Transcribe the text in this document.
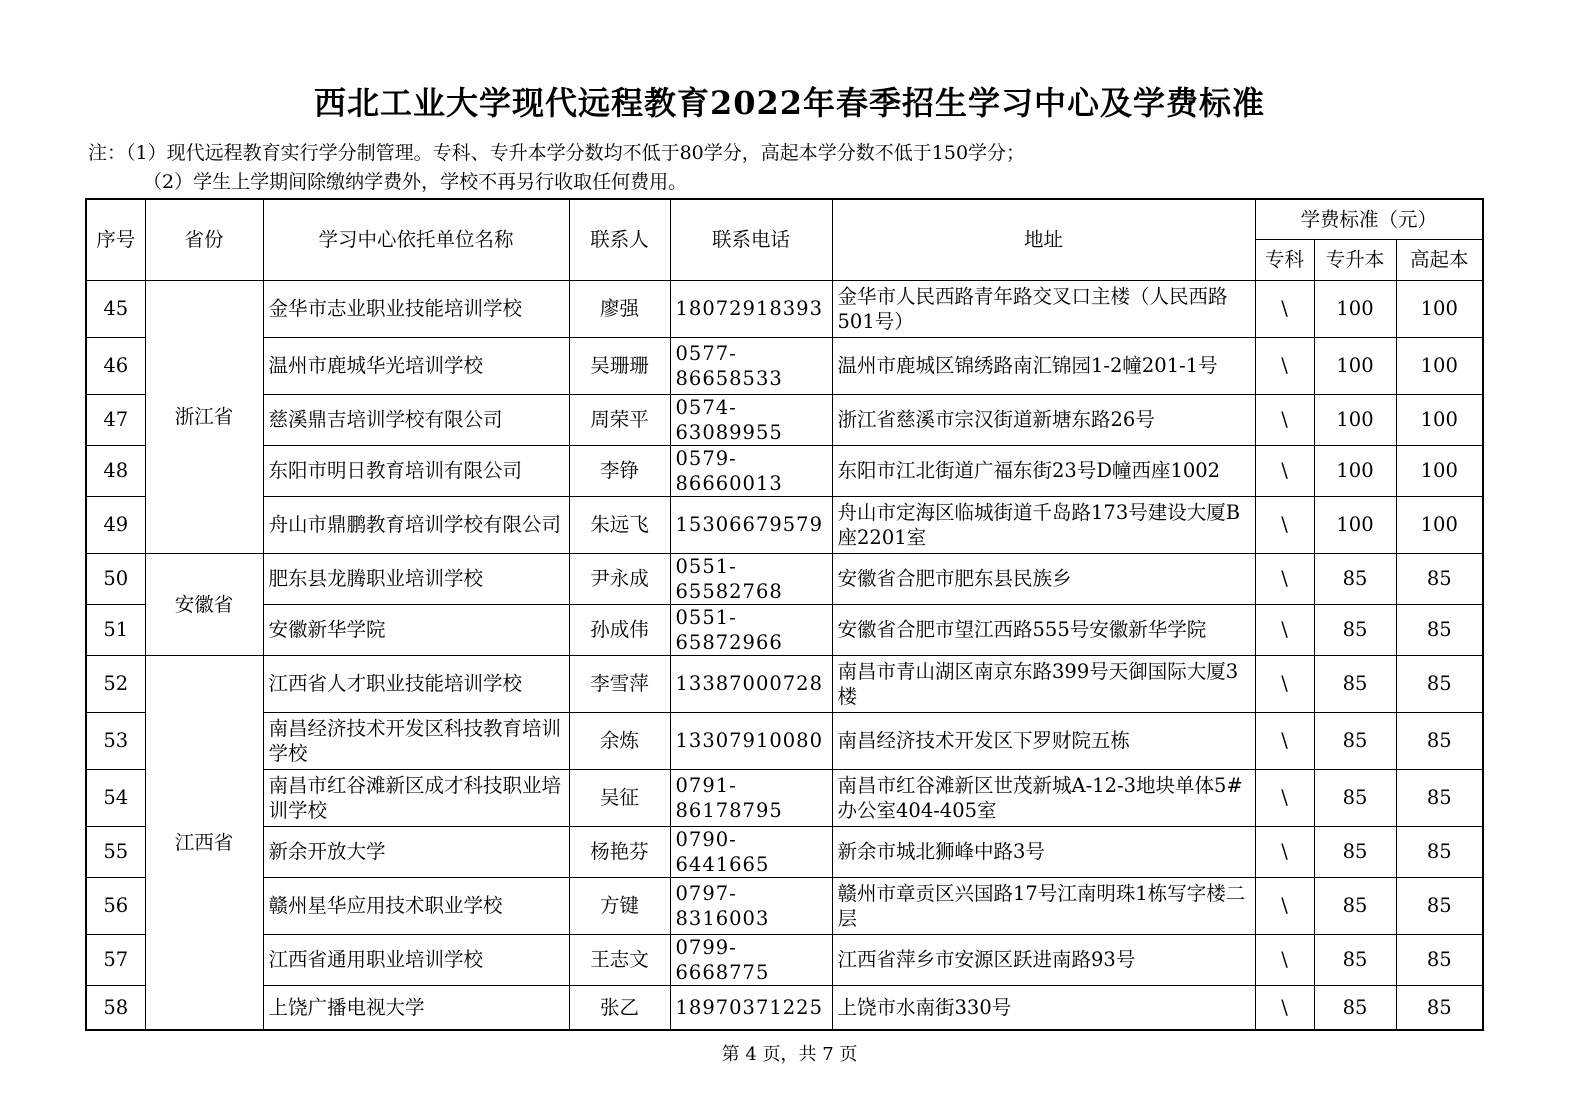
西北工业大学现代远程教育2022年春季招生学习中心及学费标准
注：（1）现代远程教育实行学分制管理。专科、专升本学分数均不低于80学分，高起本学分数不低于150学分；
（2）学生上学期间除缴纳学费外，学校不再另行收取任何费用。
序号	省份	学习中心依托单位名称	联系人	联系电话	地址	学费标准（元）		
						专科	专升本	高起本
45	浙江省	金华市志业职业技能培训学校	廖强	18072918393	金华市人民西路青年路交叉口主楼（人民西路501号）	\	100	100
46		温州市鹿城华光培训学校	吴珊珊	0577-86658533	温州市鹿城区锦绣路南汇锦园1-2幢201-1号	\	100	100
47		慈溪鼎吉培训学校有限公司	周荣平	0574-63089955	浙江省慈溪市宗汉街道新塘东路26号	\	100	100
48		东阳市明日教育培训有限公司	李铮	0579-86660013	东阳市江北街道广福东街23号D幢西座1002	\	100	100
49		舟山市鼎鹏教育培训学校有限公司	朱远飞	15306679579	舟山市定海区临城街道千岛路173号建设大厦B座2201室	\	100	100
50	安徽省	肥东县龙腾职业培训学校	尹永成	0551-65582768	安徽省合肥市肥东县民族乡	\	85	85
51		安徽新华学院	孙成伟	0551-65872966	安徽省合肥市望江西路555号安徽新华学院	\	85	85
52	江西省	江西省人才职业技能培训学校	李雪萍	13387000728	南昌市青山湖区南京东路399号天御国际大厦3楼	\	85	85
53		南昌经济技术开发区科技教育培训学校	余炼	13307910080	南昌经济技术开发区下罗财院五栋	\	85	85
54		南昌市红谷滩新区成才科技职业培训学校	吴征	0791-86178795	南昌市红谷滩新区世茂新城A-12-3地块单体5#办公室404-405室	\	85	85
55		新余开放大学	杨艳芬	0790-6441665	新余市城北狮峰中路3号	\	85	85
56		赣州星华应用技术职业学校	方键	0797-8316003	赣州市章贡区兴国路17号江南明珠1栋写字楼二层	\	85	85
57		江西省通用职业培训学校	王志文	0799-6668775	江西省萍乡市安源区跃进南路93号	\	85	85
58		上饶广播电视大学	张乙	18970371225	上饶市水南街330号	\	85	85
第 4 页，共 7 页
